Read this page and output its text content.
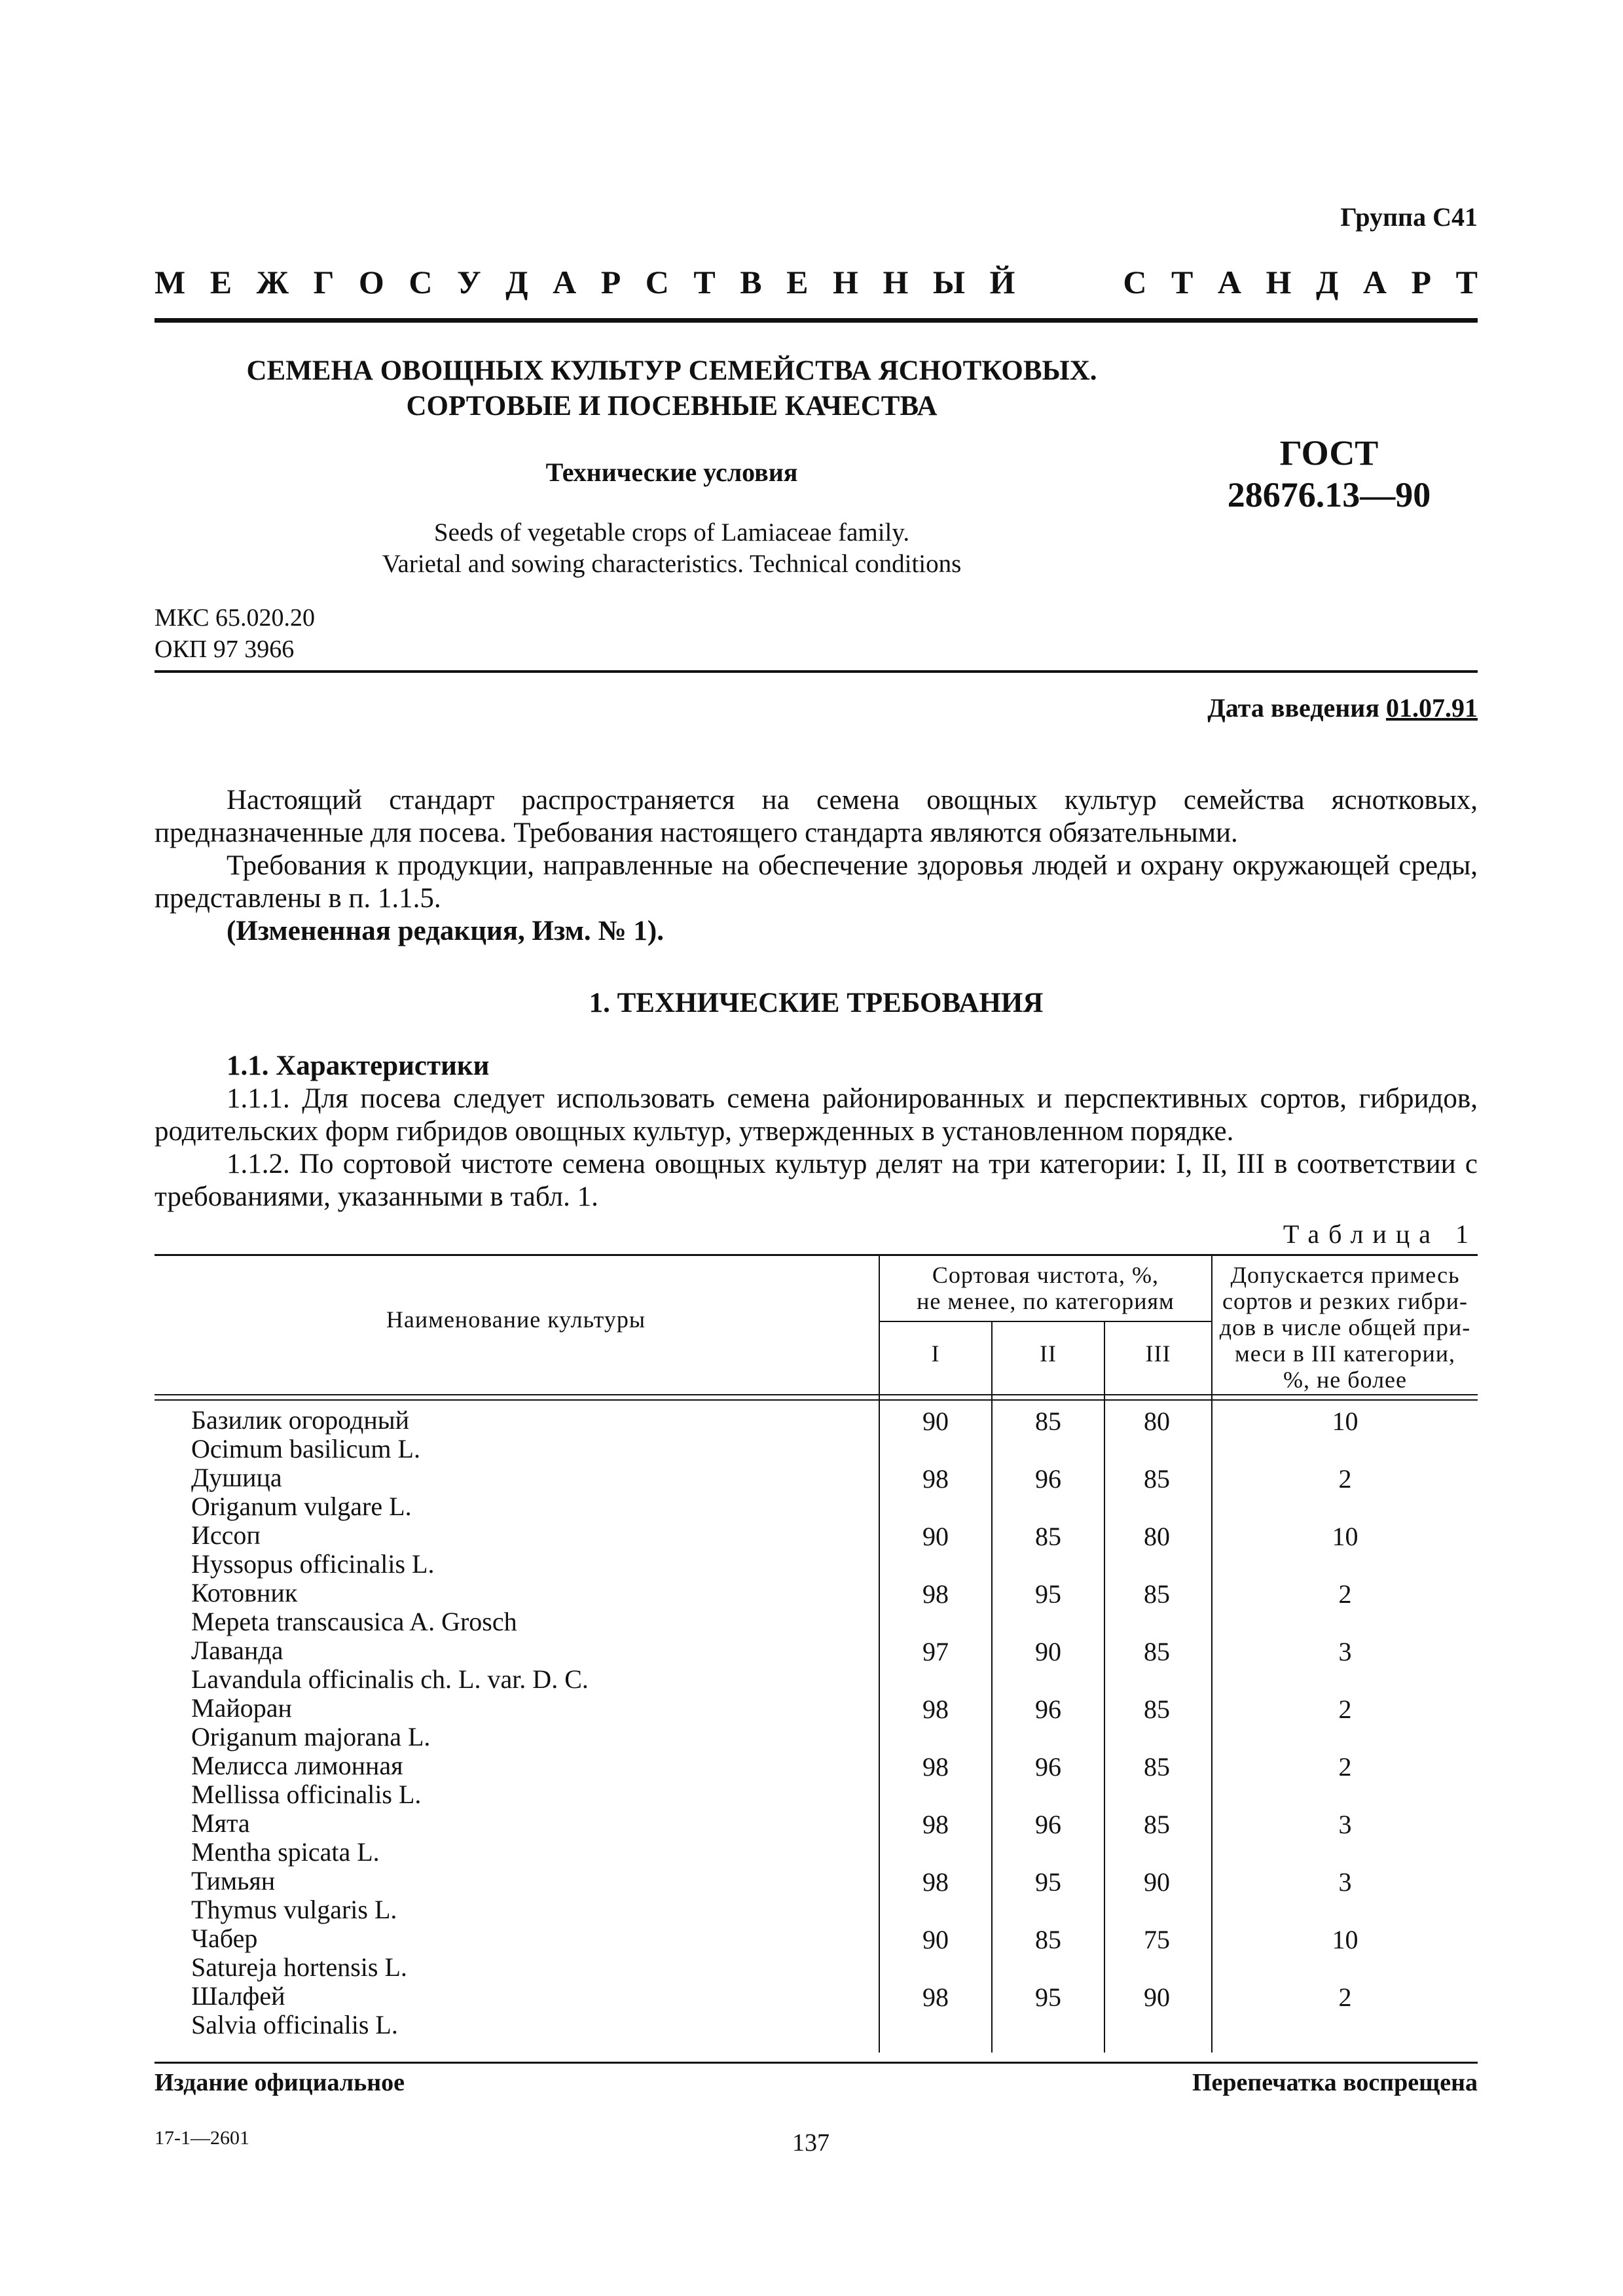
Группа С41
М Е Ж Г О С У Д А Р С Т В Е Н Н Ы Й	С Т А Н Д А Р Т
СЕМЕНА ОВОЩНЫХ КУЛЬТУР СЕМЕЙСТВА ЯСНОТКОВЫХ.
СОРТОВЫЕ И ПОСЕВНЫЕ КАЧЕСТВА
Технические условия
Seeds of vegetable crops of Lamiaceae family.
Varietal and sowing characteristics. Technical conditions
ГОСТ
28676.13—90
МКС 65.020.20
ОКП 97 3966
Дата введения 01.07.91
Настоящий стандарт распространяется на семена овощных культур семейства яснотковых, предназначенные для посева. Требования настоящего стандарта являются обязательными.
Требования к продукции, направленные на обеспечение здоровья людей и охрану окружающей среды, представлены в п. 1.1.5.
(Измененная редакция, Изм. № 1).
1. ТЕХНИЧЕСКИЕ ТРЕБОВАНИЯ
1.1. Характеристики
1.1.1. Для посева следует использовать семена районированных и перспективных сортов, гибридов, родительских форм гибридов овощных культур, утвержденных в установленном порядке.
1.1.2. По сортовой чистоте семена овощных культур делят на три категории: I, II, III в соответствии с требованиями, указанными в табл. 1.
Таблица 1
Наименование культуры
Сортовая чистота, %,
не менее, по категориям
I	II	III
Допускается примесь
сортов и резких гибри-
дов в числе общей при-
меси в III категории,
%, не более
Базилик огородный
Ocimum basilicum L.
90	85	80	10
Душица
Origanum vulgare L.
98	96	85	2
Иссоп
Hyssopus officinalis L.
90	85	80	10
Котовник
Mepeta transcausica A. Grosch
98	95	85	2
Лаванда
Lavandula officinalis ch. L. var. D. C.
97	90	85	3
Майоран
Origanum majorana L.
98	96	85	2
Мелисса лимонная
Mellissa officinalis L.
98	96	85	2
Мята
Mentha spicata L.
98	96	85	3
Тимьян
Thymus vulgaris L.
98	95	90	3
Чабер
Satureja hortensis L.
90	85	75	10
Шалфей
Salvia officinalis L.
98	95	90	2
Издание официальное	Перепечатка воспрещена
17-1—2601	137
